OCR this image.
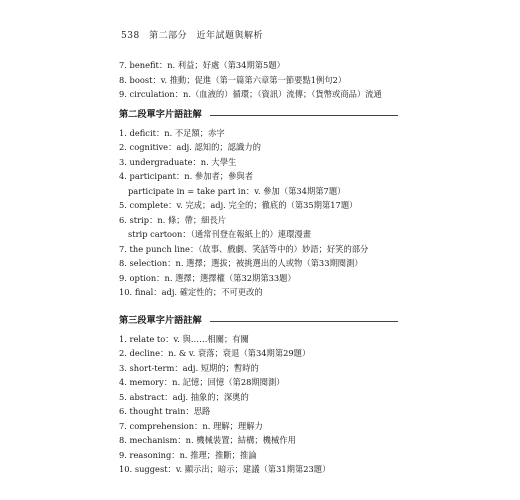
538 第二部分 近年試題與解析
7. benefit：n. 利益；好處（第34期第5題）
8. boost：v. 推動；促進（第一篇第六章第一節要點1例句2）
9. circulation：n.（血液的）循環；（資訊）流傳；（貨幣或商品）流通
第二段單字片語註解
1. deficit：n. 不足額；赤字
2. cognitive：adj. 認知的；認識力的
3. undergraduate：n. 大學生
4. participant：n. 參加者；參與者
participate in = take part in：v. 參加（第34期第7題）
5. complete：v. 完成；adj. 完全的；徹底的（第35期第17題）
6. strip：n. 條；帶；細長片
strip cartoon：（通常刊登在報紙上的）連環漫畫
7. the punch line：（故事、戲劇、笑話等中的）妙語；好笑的部分
8. selection：n. 選擇；選拔；被挑選出的人或物（第33期閱測）
9. option：n. 選擇；選擇權（第32期第33題）
10. final：adj. 確定性的；不可更改的
第三段單字片語註解
1. relate to：v. 與……相關；有關
2. decline：n. & v. 衰落；衰退（第34期第29題）
3. short-term：adj. 短期的；暫時的
4. memory：n. 記憶；回憶（第28期閱測）
5. abstract：adj. 抽象的；深奧的
6. thought train：思路
7. comprehension：n. 理解；理解力
8. mechanism：n. 機械裝置；結構；機械作用
9. reasoning：n. 推理；推斷；推論
10. suggest：v. 顯示出；暗示；建議（第31期第23題）
